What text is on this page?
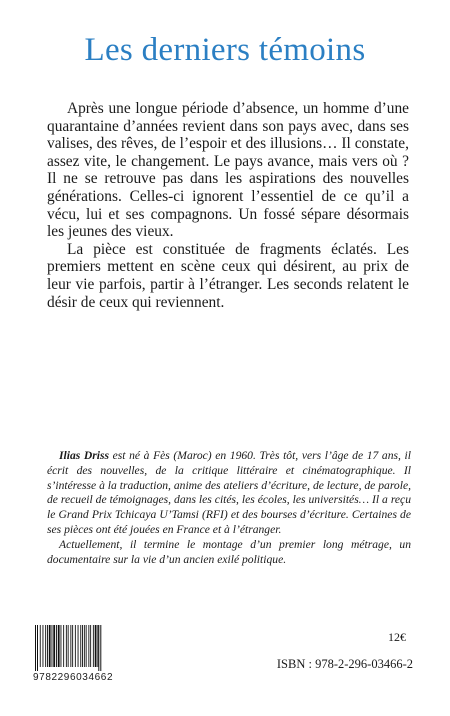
Les derniers témoins

Après une longue période d’absence, un homme d’une quarantaine d’années revient dans son pays avec, dans ses valises, des rêves, de l’espoir et des illusions… Il constate, assez vite, le changement. Le pays avance, mais vers où ? Il ne se retrouve pas dans les aspirations des nouvelles générations. Celles-ci ignorent l’essentiel de ce qu’il a vécu, lui et ses compagnons. Un fossé sépare désormais les jeunes des vieux.

La pièce est constituée de fragments éclatés. Les premiers mettent en scène ceux qui désirent, au prix de leur vie parfois, partir à l’étranger. Les seconds relatent le désir de ceux qui reviennent.

Ilias Driss est né à Fès (Maroc) en 1960. Très tôt, vers l’âge de 17 ans, il écrit des nouvelles, de la critique littéraire et cinématographique. Il s’intéresse à la traduction, anime des ateliers d’écriture, de lecture, de parole, de recueil de témoignages, dans les cités, les écoles, les universités… Il a reçu le Grand Prix Tchicaya U’Tamsi (RFI) et des bourses d’écriture. Certaines de ses pièces ont été jouées en France et à l’étranger.

Actuellement, il termine le montage d’un premier long métrage, un documentaire sur la vie d’un ancien exilé politique.

9782296034662
12€
ISBN : 978-2-296-03466-2
